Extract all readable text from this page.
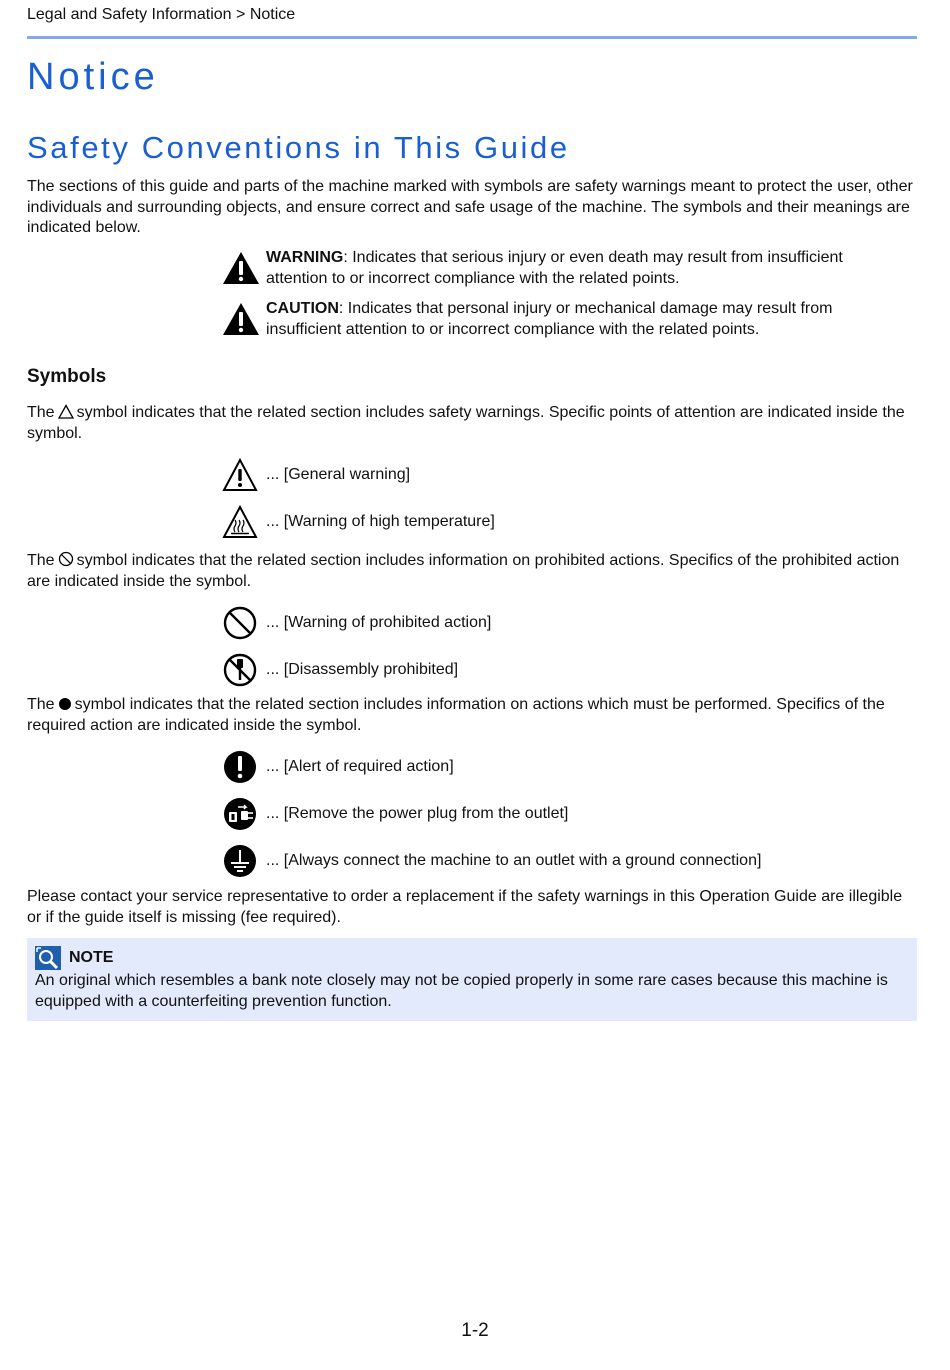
Legal and Safety Information > Notice
Notice
Safety Conventions in This Guide

The sections of this guide and parts of the machine marked with symbols are safety warnings meant to protect the user, other individuals and surrounding objects, and ensure correct and safe usage of the machine. The symbols and their meanings are indicated below.

WARNING: Indicates that serious injury or even death may result from insufficient attention to or incorrect compliance with the related points.
CAUTION: Indicates that personal injury or mechanical damage may result from insufficient attention to or incorrect compliance with the related points.
Symbols

The symbol indicates that the related section includes safety warnings. Specific points of attention are indicated inside the symbol.

... [General warning]
... [Warning of high temperature]

The symbol indicates that the related section includes information on prohibited actions. Specifics of the prohibited action are indicated inside the symbol.

... [Warning of prohibited action]
... [Disassembly prohibited]

The symbol indicates that the related section includes information on actions which must be performed. Specifics of the required action are indicated inside the symbol.

... [Alert of required action]
... [Remove the power plug from the outlet]
... [Always connect the machine to an outlet with a ground connection]

Please contact your service representative to order a replacement if the safety warnings in this Operation Guide are illegible or if the guide itself is missing (fee required).

NOTE
An original which resembles a bank note closely may not be copied properly in some rare cases because this machine is equipped with a counterfeiting prevention function.
1-2
